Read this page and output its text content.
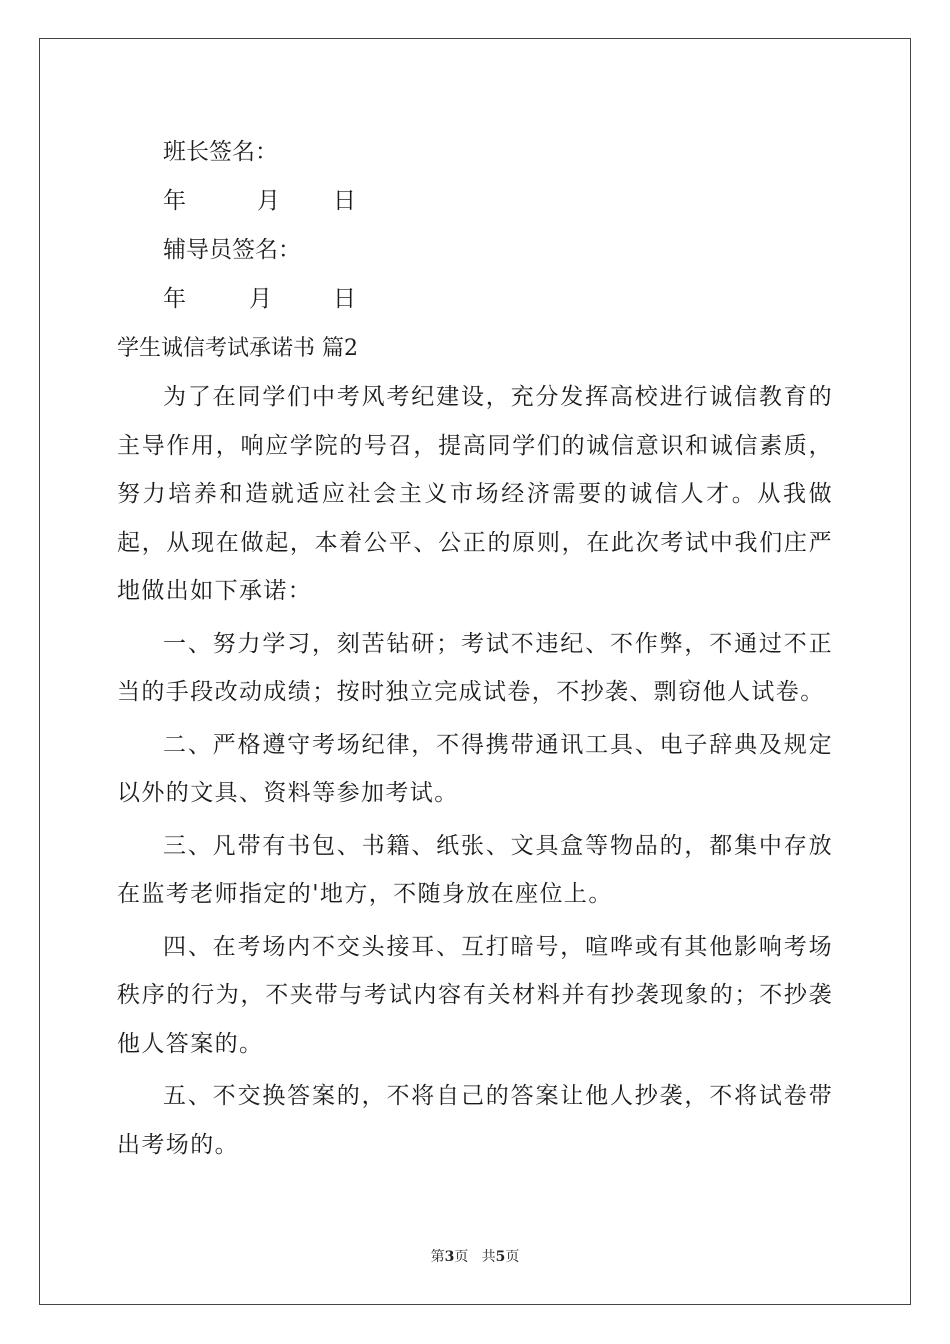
班长签名：

年	月 日

辅导员签名：

年	月	日

学生诚信考试承诺书 篇2

为了在同学们中考风考纪建设，充分发挥高校进行诚信教育的主导作用，响应学院的号召，提高同学们的诚信意识和诚信素质，努力培养和造就适应社会主义市场经济需要的诚信人才。从我做起，从现在做起，本着公平、公正的原则，在此次考试中我们庄严地做出如下承诺：

一、努力学习，刻苦钻研；考试不违纪、不作弊，不通过不正当的手段改动成绩；按时独立完成试卷，不抄袭、剽窃他人试卷。

二、严格遵守考场纪律，不得携带通讯工具、电子辞典及规定以外的文具、资料等参加考试。

三、凡带有书包、书籍、纸张、文具盒等物品的，都集中存放在监考老师指定的'地方，不随身放在座位上。

四、在考场内不交头接耳、互打暗号，喧哗或有其他影响考场秩序的行为，不夹带与考试内容有关材料并有抄袭现象的；不抄袭他人答案的。

五、不交换答案的，不将自己的答案让他人抄袭，不将试卷带出考场的。

第3页 共5页
